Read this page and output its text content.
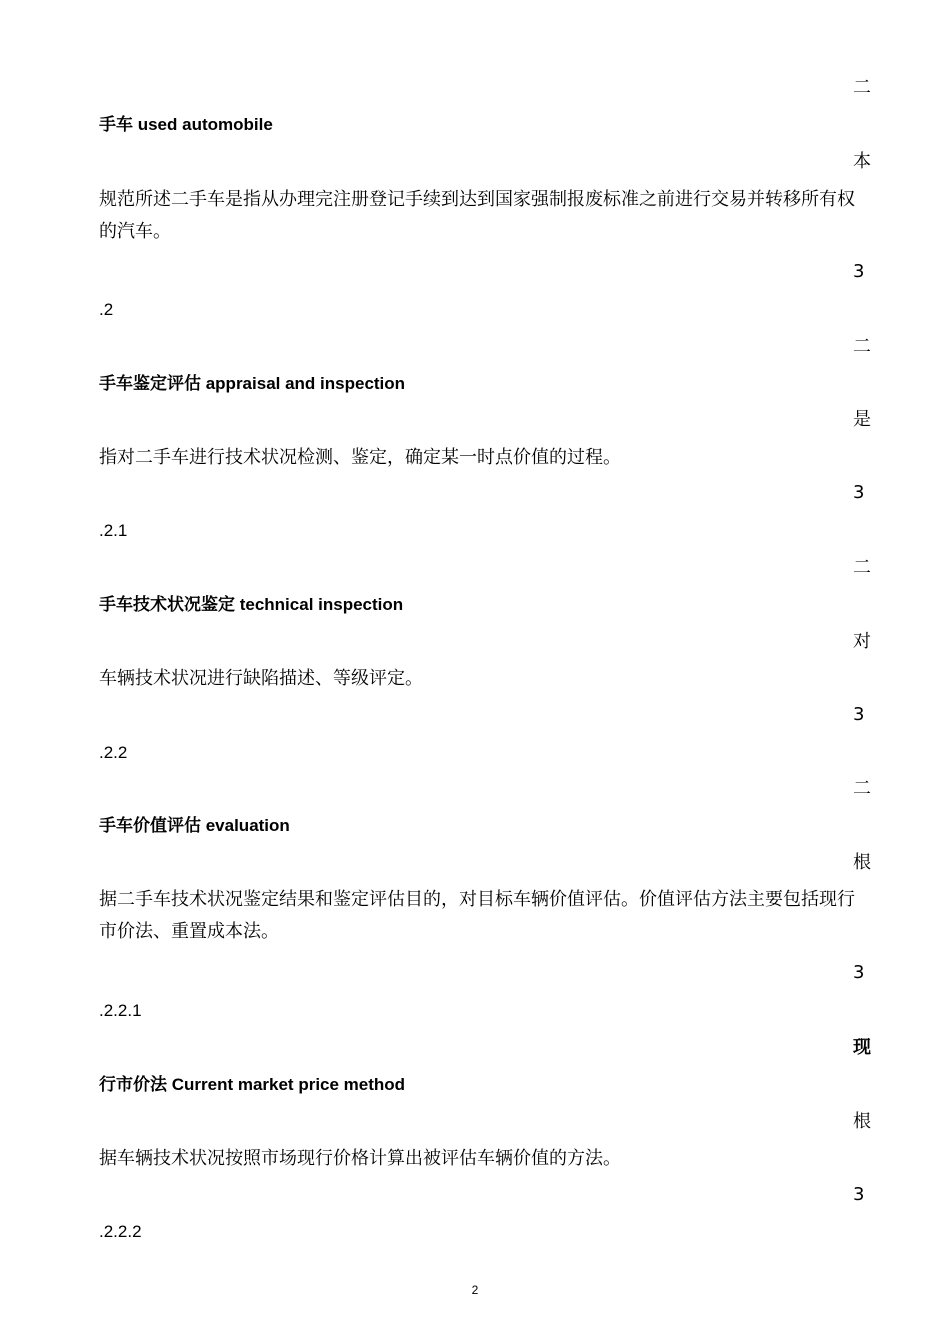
二
本
3
二
是
3
二
对
3
二
根
3
现
根
3
手车 used automobile
规范所述二手车是指从办理完注册登记手续到达到国家强制报废标准之前进行交易并转移所有权的汽车。
.2
手车鉴定评估 appraisal and inspection
指对二手车进行技术状况检测、鉴定，确定某一时点价值的过程。
.2.1
手车技术状况鉴定 technical inspection
车辆技术状况进行缺陷描述、等级评定。
.2.2
手车价值评估 evaluation
据二手车技术状况鉴定结果和鉴定评估目的，对目标车辆价值评估。价值评估方法主要包括现行市价法、重置成本法。
.2.2.1
行市价法 Current market price method
据车辆技术状况按照市场现行价格计算出被评估车辆价值的方法。
.2.2.2
2
